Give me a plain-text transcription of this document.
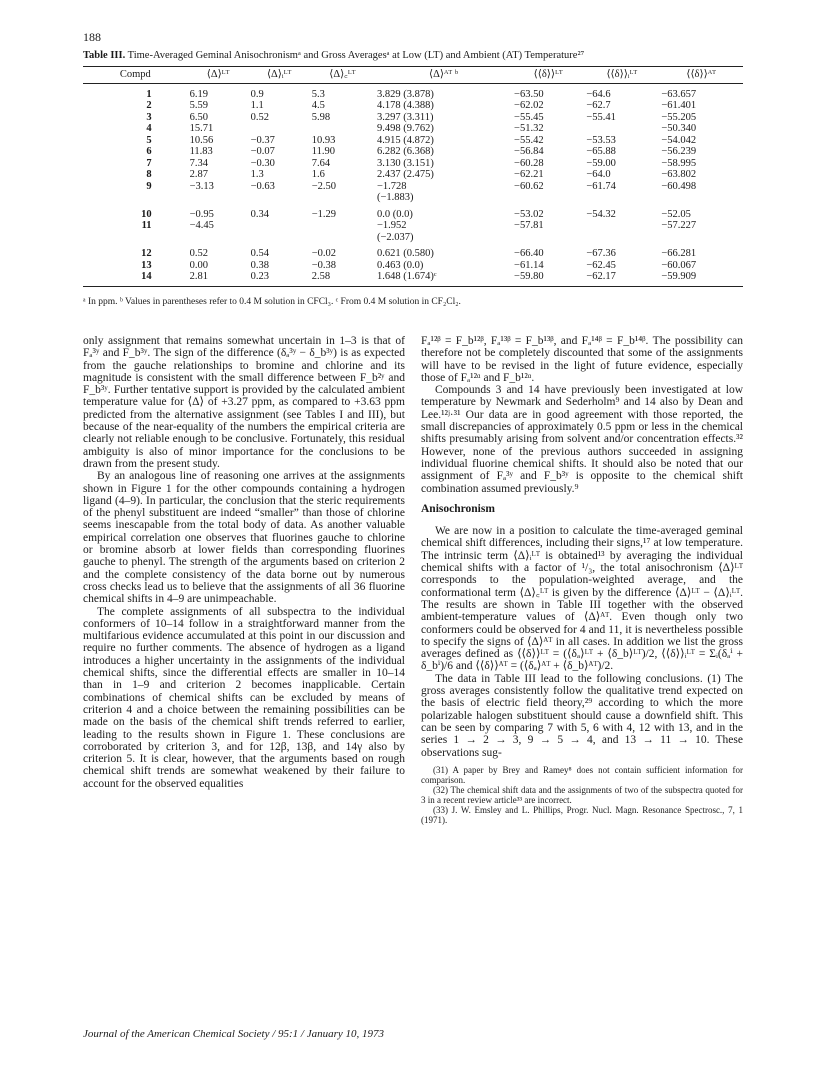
188
Table III. Time-Averaged Geminal Anisochronismᵃ and Gross Averagesᵃ at Low (LT) and Ambient (AT) Temperature²⁷
Compd	⟨Δ⟩ᴸᵀ	⟨Δ⟩ᵢᴸᵀ	⟨Δ⟩꜀ᴸᵀ	⟨Δ⟩ᴬᵀ ᵇ	⟨⟨δ⟩⟩ᴸᵀ	⟨⟨δ⟩⟩ᵢᴸᵀ	⟨⟨δ⟩⟩ᴬᵀ
1	6.19	0.9	5.3	3.829 (3.878)	−63.50	−64.6	−63.657
2	5.59	1.1	4.5	4.178 (4.388)	−62.02	−62.7	−61.401
3	6.50	0.52	5.98	3.297 (3.311)	−55.45	−55.41	−55.205
4	15.71			9.498 (9.762)	−51.32		−50.340
5	10.56	−0.37	10.93	4.915 (4.872)	−55.42	−53.53	−54.042
6	11.83	−0.07	11.90	6.282 (6.368)	−56.84	−65.88	−56.239
7	7.34	−0.30	7.64	3.130 (3.151)	−60.28	−59.00	−58.995
8	2.87	1.3	1.6	2.437 (2.475)	−62.21	−64.0	−63.802
9	−3.13	−0.63	−2.50	−1.728	−60.62	−61.74	−60.498
				(−1.883)			
10	−0.95	0.34	−1.29	0.0 (0.0)	−53.02	−54.32	−52.05
11	−4.45			−1.952	−57.81		−57.227
				(−2.037)			
12	0.52	0.54	−0.02	0.621 (0.580)	−66.40	−67.36	−66.281
13	0.00	0.38	−0.38	0.463 (0.0)	−61.14	−62.45	−60.067
14	2.81	0.23	2.58	1.648 (1.674)ᶜ	−59.80	−62.17	−59.909
ᵃ In ppm. ᵇ Values in parentheses refer to 0.4 M solution in CFCl₃. ᶜ From 0.4 M solution in CF₂Cl₂.

only assignment that remains somewhat uncertain in 1–3 is that of Fₐ³ʸ and F_b³ʸ. The sign of the difference (δₐ³ʸ − δ_b³ʸ) is as expected from the gauche relationships to bromine and chlorine and its magnitude is consistent with the small difference between F_b²ʸ and F_b³ʸ. Further tentative support is provided by the calculated ambient temperature value for ⟨Δ⟩ of +3.27 ppm, as compared to +3.63 ppm predicted from the alternative assignment (see Tables I and III), but because of the near-equality of the numbers the empirical criteria are clearly not reliable enough to be conclusive. Fortunately, this residual ambiguity is also of minor importance for the conclusions to be drawn from the present study.

By an analogous line of reasoning one arrives at the assignments shown in Figure 1 for the other compounds containing a hydrogen ligand (4–9). In particular, the conclusion that the steric requirements of the phenyl substituent are indeed “smaller” than those of chlorine seems inescapable from the total body of data. As another valuable empirical correlation one observes that fluorines gauche to chlorine or bromine absorb at lower fields than corresponding fluorines gauche to phenyl. The strength of the arguments based on criterion 2 and the complete consistency of the data borne out by numerous cross checks lead us to believe that the assignments of all 36 fluorine chemical shifts in 4–9 are unimpeachable.

The complete assignments of all subspectra to the individual conformers of 10–14 follow in a straightforward manner from the multifarious evidence accumulated at this point in our discussion and require no further comments. The absence of hydrogen as a ligand introduces a higher uncertainty in the assignments of the individual chemical shifts, since the differential effects are smaller in 10–14 than in 1–9 and criterion 2 becomes inapplicable. Certain combinations of chemical shifts can be excluded by means of criterion 4 and a choice between the remaining possibilities can be made on the basis of the chemical shift trends referred to earlier, leading to the results shown in Figure 1. These conclusions are corroborated by criterion 3, and for 12β, 13β, and 14γ also by criterion 5. It is clear, however, that the arguments based on rough chemical shift trends are somewhat weakened by their failure to account for the observed equalities

Fₐ¹²ᵝ = F_b¹²ᵝ, Fₐ¹³ᵝ = F_b¹³ᵝ, and Fₐ¹⁴ᵝ = F_b¹⁴ᵝ. The possibility can therefore not be completely discounted that some of the assignments will have to be revised in the light of future evidence, especially those of Fₐ¹²ᵅ and F_b¹²ᵅ.

Compounds 3 and 14 have previously been investigated at low temperature by Newmark and Sederholm⁹ and 14 also by Dean and Lee.¹²ʲ·³¹ Our data are in good agreement with those reported, the small discrepancies of approximately 0.5 ppm or less in the chemical shifts presumably arising from solvent and/or concentration effects.³² However, none of the previous authors succeeded in assigning individual fluorine chemical shifts. It should also be noted that our assignment of Fₐ³ʸ and F_b³ʸ is opposite to the chemical shift combination assumed previously.⁹

Anisochronism

We are now in a position to calculate the time-averaged geminal chemical shift differences, including their signs,¹⁷ at low temperature. The intrinsic term ⟨Δ⟩ᵢᴸᵀ is obtained¹³ by averaging the individual chemical shifts with a factor of ¹/₃, the total anisochronism ⟨Δ⟩ᴸᵀ corresponds to the population-weighted average, and the conformational term ⟨Δ⟩꜀ᴸᵀ is given by the difference ⟨Δ⟩ᴸᵀ − ⟨Δ⟩ᵢᴸᵀ. The results are shown in Table III together with the observed ambient-temperature values of ⟨Δ⟩ᴬᵀ. Even though only two conformers could be observed for 4 and 11, it is nevertheless possible to specify the signs of ⟨Δ⟩ᴬᵀ in all cases. In addition we list the gross averages defined as ⟨⟨δ⟩⟩ᴸᵀ = (⟨δₐ⟩ᴸᵀ + ⟨δ_b⟩ᴸᵀ)/2, ⟨⟨δ⟩⟩ᵢᴸᵀ = Σᵢ(δₐⁱ + δ_bⁱ)/6 and ⟨⟨δ⟩⟩ᴬᵀ = (⟨δₐ⟩ᴬᵀ + ⟨δ_b⟩ᴬᵀ)/2.

The data in Table III lead to the following conclusions. (1) The gross averages consistently follow the qualitative trend expected on the basis of electric field theory,²⁹ according to which the more polarizable halogen substituent should cause a downfield shift. This can be seen by comparing 7 with 5, 6 with 4, 12 with 13, and in the series 1 → 2 → 3, 9 → 5 → 4, and 13 → 11 → 10. These observations sug-

(31) A paper by Brey and Ramey⁸ does not contain sufficient information for comparison.
(32) The chemical shift data and the assignments of two of the subspectra quoted for 3 in a recent review article³³ are incorrect.
(33) J. W. Emsley and L. Phillips, Progr. Nucl. Magn. Resonance Spectrosc., 7, 1 (1971).
Journal of the American Chemical Society / 95:1 / January 10, 1973
